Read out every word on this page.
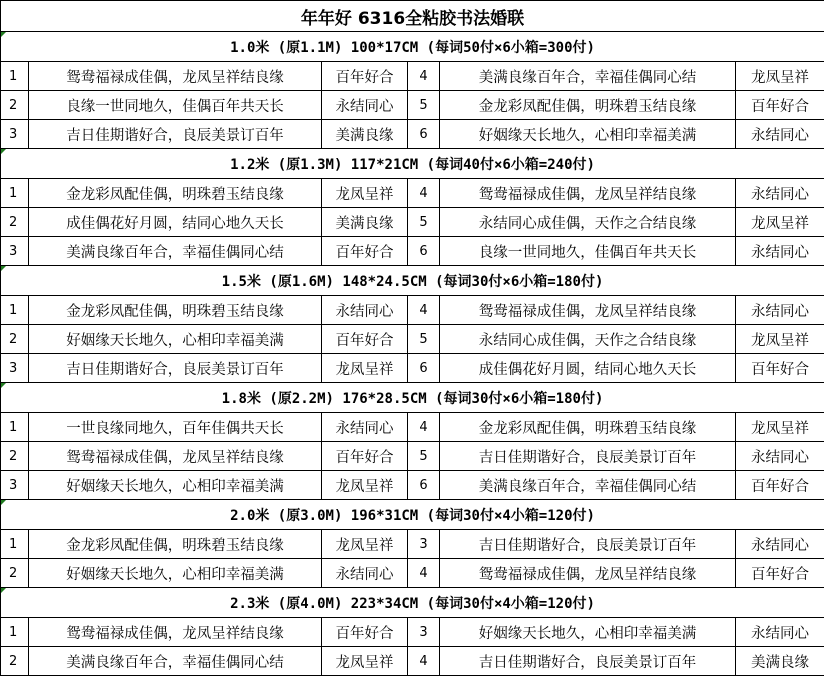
年年好 6316全粘胶书法婚联					
1.0米 (原1.1M) 100*17CM (每词50付×6小箱=300付)					
1	鸳鸯福禄成佳偶，龙凤呈祥结良缘	百年好合	4	美满良缘百年合，幸福佳偶同心结	龙凤呈祥
2	良缘一世同地久，佳偶百年共天长	永结同心	5	金龙彩凤配佳偶，明珠碧玉结良缘	百年好合
3	吉日佳期谐好合，良辰美景订百年	美满良缘	6	好姻缘天长地久，心相印幸福美满	永结同心
1.2米 (原1.3M) 117*21CM (每词40付×6小箱=240付)					
1	金龙彩凤配佳偶，明珠碧玉结良缘	龙凤呈祥	4	鸳鸯福禄成佳偶，龙凤呈祥结良缘	永结同心
2	成佳偶花好月圆，结同心地久天长	美满良缘	5	永结同心成佳偶，天作之合结良缘	龙凤呈祥
3	美满良缘百年合，幸福佳偶同心结	百年好合	6	良缘一世同地久，佳偶百年共天长	永结同心
1.5米 (原1.6M) 148*24.5CM (每词30付×6小箱=180付)					
1	金龙彩凤配佳偶，明珠碧玉结良缘	永结同心	4	鸳鸯福禄成佳偶，龙凤呈祥结良缘	永结同心
2	好姻缘天长地久，心相印幸福美满	百年好合	5	永结同心成佳偶，天作之合结良缘	龙凤呈祥
3	吉日佳期谐好合，良辰美景订百年	龙凤呈祥	6	成佳偶花好月圆，结同心地久天长	百年好合
1.8米 (原2.2M) 176*28.5CM (每词30付×6小箱=180付)					
1	一世良缘同地久，百年佳偶共天长	永结同心	4	金龙彩凤配佳偶，明珠碧玉结良缘	龙凤呈祥
2	鸳鸯福禄成佳偶，龙凤呈祥结良缘	百年好合	5	吉日佳期谐好合，良辰美景订百年	永结同心
3	好姻缘天长地久，心相印幸福美满	龙凤呈祥	6	美满良缘百年合，幸福佳偶同心结	百年好合
2.0米 (原3.0M) 196*31CM (每词30付×4小箱=120付)					
1	金龙彩凤配佳偶，明珠碧玉结良缘	龙凤呈祥	3	吉日佳期谐好合，良辰美景订百年	永结同心
2	好姻缘天长地久，心相印幸福美满	永结同心	4	鸳鸯福禄成佳偶，龙凤呈祥结良缘	百年好合
2.3米 (原4.0M) 223*34CM (每词30付×4小箱=120付)					
1	鸳鸯福禄成佳偶，龙凤呈祥结良缘	百年好合	3	好姻缘天长地久，心相印幸福美满	永结同心
2	美满良缘百年合，幸福佳偶同心结	龙凤呈祥	4	吉日佳期谐好合，良辰美景订百年	美满良缘
